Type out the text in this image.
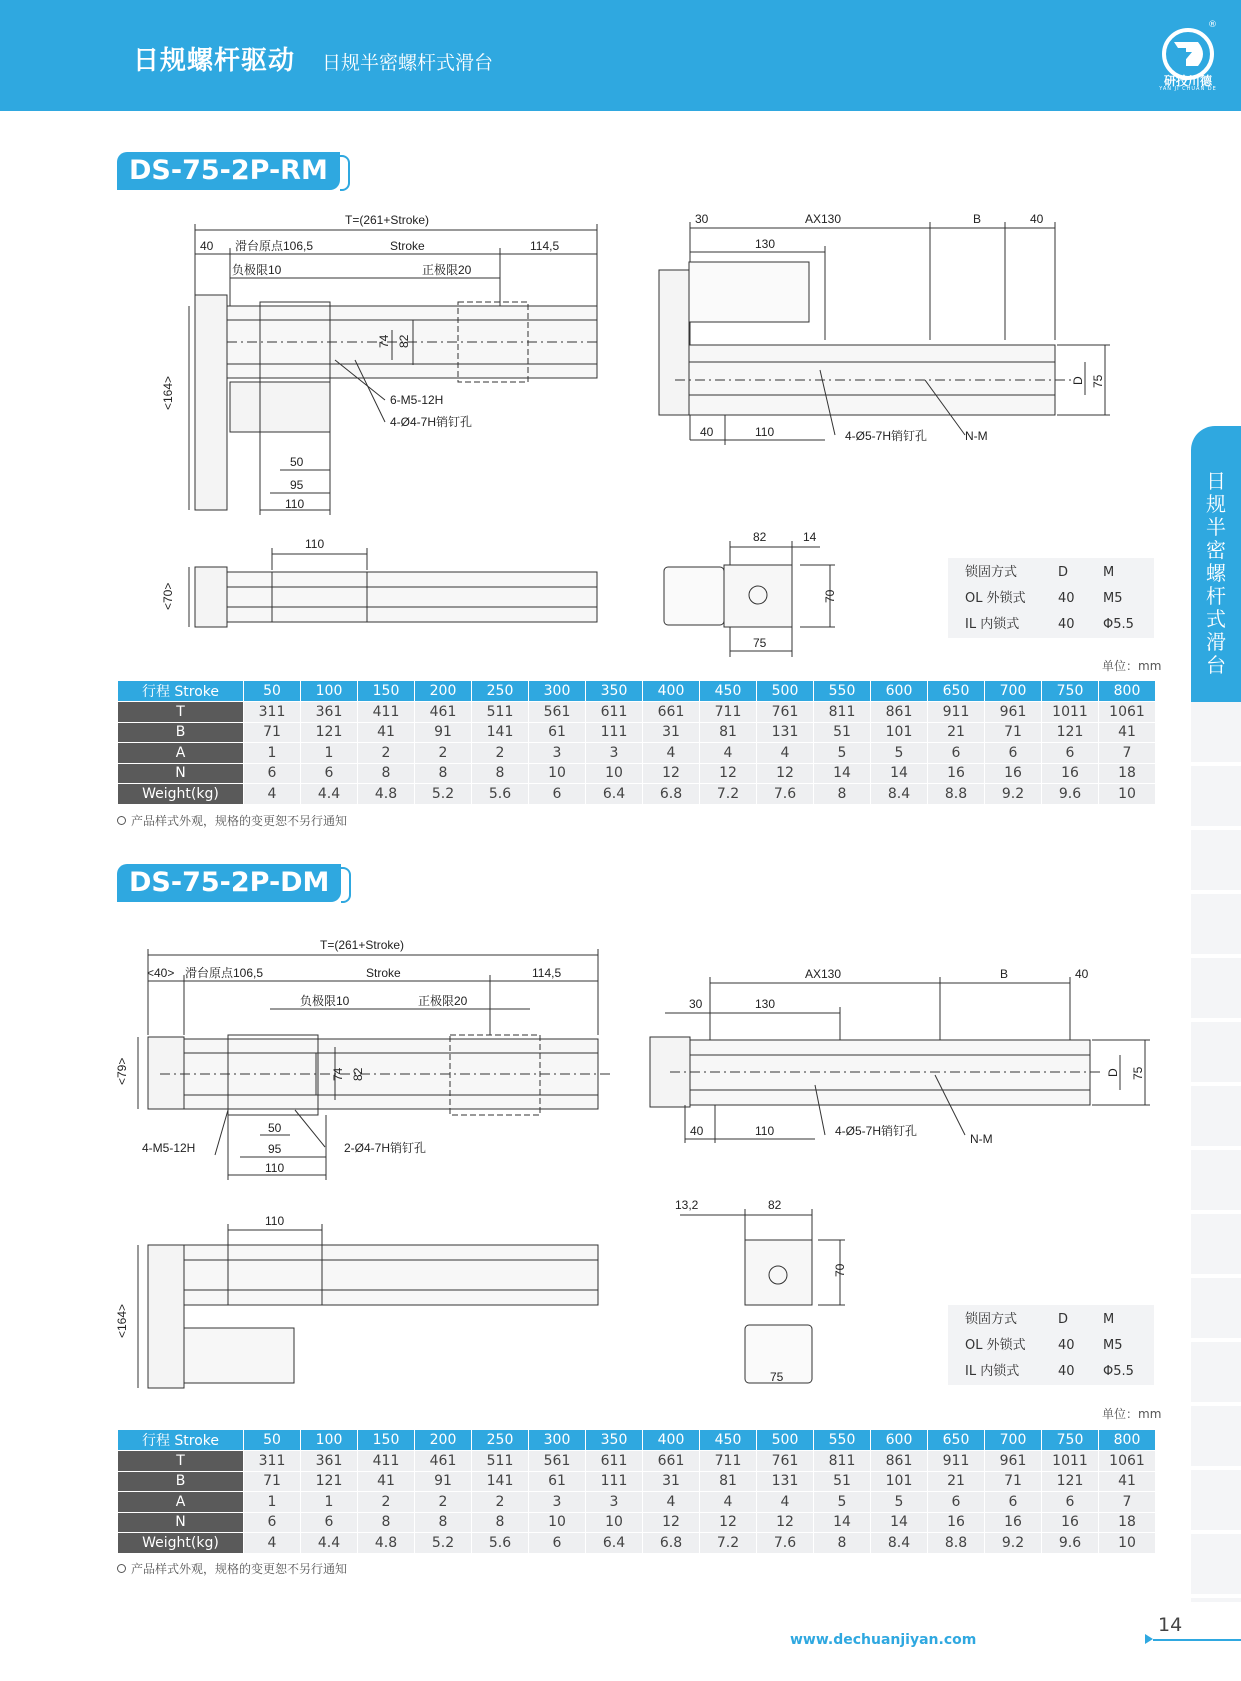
日规螺杆驱动 日规半密螺杆式滑台
®
研技川德
YAN JI CHUAN DE
日
规
半
密
螺
杆
式
滑
台
DS-75-2P-RM
T=(261+Stroke)
40 滑台原点106,5	Stroke	114,5
负极限10	正极限20
74 82
<164>	6-M5-12H
4-Ø4-7H销钉孔
50
95
110
30	AX130	B	40
130
D 75
40	110	4-Ø5-7H销钉孔	N-M
110
<70>
82	14
70
75
锁固方式	D	M
OL 外锁式 40 M5
IL 内锁式	40 Φ5.5
单位：mm
行程 Stroke	50	100	150	200	250	300	350	400	450	500	550	600	650	700	750	800
T	311	361	411	461	511	561	611	661	711	761	811	861	911	961	1011	1061
B	71	121	41	91	141	61	111	31	81	131	51	101	21	71	121	41
A	1	1	2	2	2	3	3	4	4	4	5	5	6	6	6	7
N	6	6	8	8	8	10	10	12	12	12	14	14	16	16	16	18
Weight(kg)	4	4.4	4.8	5.2	5.6	6	6.4	6.8	7.2	7.6	8	8.4	8.8	9.2	9.6	10
产品样式外观，规格的变更恕不另行通知
DS-75-2P-DM
T=(261+Stroke)
<40> 滑台原点106,5	Stroke	114,5
负极限10	正极限20
74 82
<79>
4-M5-12H	2-Ø4-7H销钉孔
50
95
110
AX130	B	40
30	130
D 75
40	110	4-Ø5-7H销钉孔
N-M
110
<164>
13,2	82
70
75
锁固方式	D	M
OL 外锁式 40 M5
IL 内锁式	40 Φ5.5
单位：mm
行程 Stroke	50	100	150	200	250	300	350	400	450	500	550	600	650	700	750	800
T	311	361	411	461	511	561	611	661	711	761	811	861	911	961	1011	1061
B	71	121	41	91	141	61	111	31	81	131	51	101	21	71	121	41
A	1	1	2	2	2	3	3	4	4	4	5	5	6	6	6	7
N	6	6	8	8	8	10	10	12	12	12	14	14	16	16	16	18
Weight(kg)	4	4.4	4.8	5.2	5.6	6	6.4	6.8	7.2	7.6	8	8.4	8.8	9.2	9.6	10
产品样式外观，规格的变更恕不另行通知
www.dechuanjiyan.com
14
